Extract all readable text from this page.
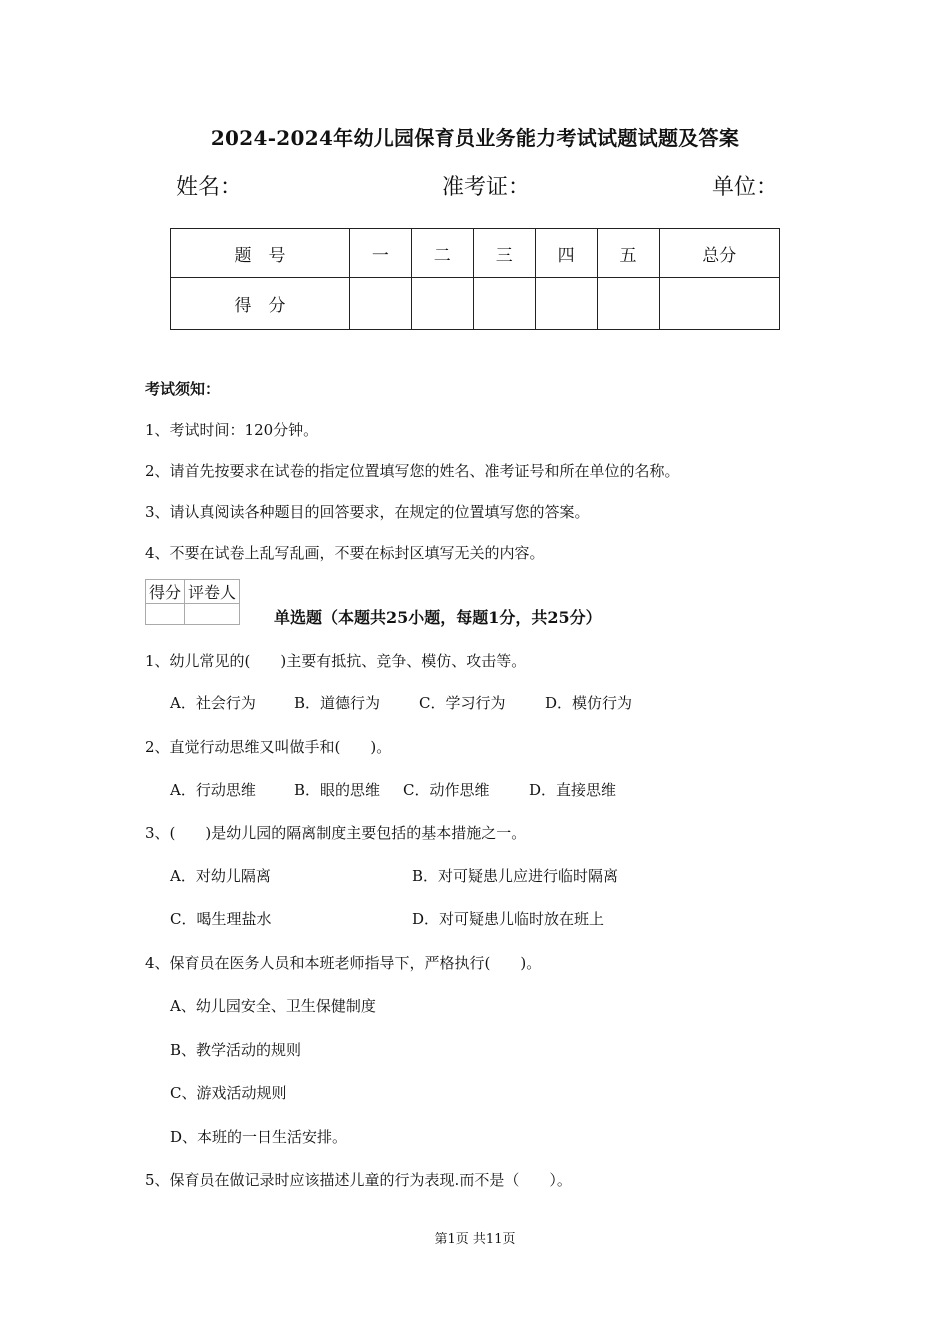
2024-2024年幼儿园保育员业务能力考试试题试题及答案
姓名：	准考证：	单位：
题　号	一	二	三	四	五	总分
得　分						
考试须知：
1、考试时间：120分钟。
2、请首先按要求在试卷的指定位置填写您的姓名、准考证号和所在单位的名称。
3、请认真阅读各种题目的回答要求，在规定的位置填写您的答案。
4、不要在试卷上乱写乱画，不要在标封区填写无关的内容。
得分	评卷人

单选题（本题共25小题，每题1分，共25分）
1、幼儿常见的(　　)主要有抵抗、竞争、模仿、攻击等。
A．社会行为	B．道德行为	C．学习行为	D．模仿行为
2、直觉行动思维又叫做手和(　　)。
A．行动思维	B．眼的思维 C．动作思维	D．直接思维
3、(　　)是幼儿园的隔离制度主要包括的基本措施之一。
A．对幼儿隔离	B．对可疑患儿应进行临时隔离
C．喝生理盐水	D．对可疑患儿临时放在班上
4、保育员在医务人员和本班老师指导下，严格执行(　　)。
A、幼儿园安全、卫生保健制度
B、教学活动的规则
C、游戏活动规则
D、本班的一日生活安排。
5、保育员在做记录时应该描述儿童的行为表现.而不是（　　）。
第1页 共11页
